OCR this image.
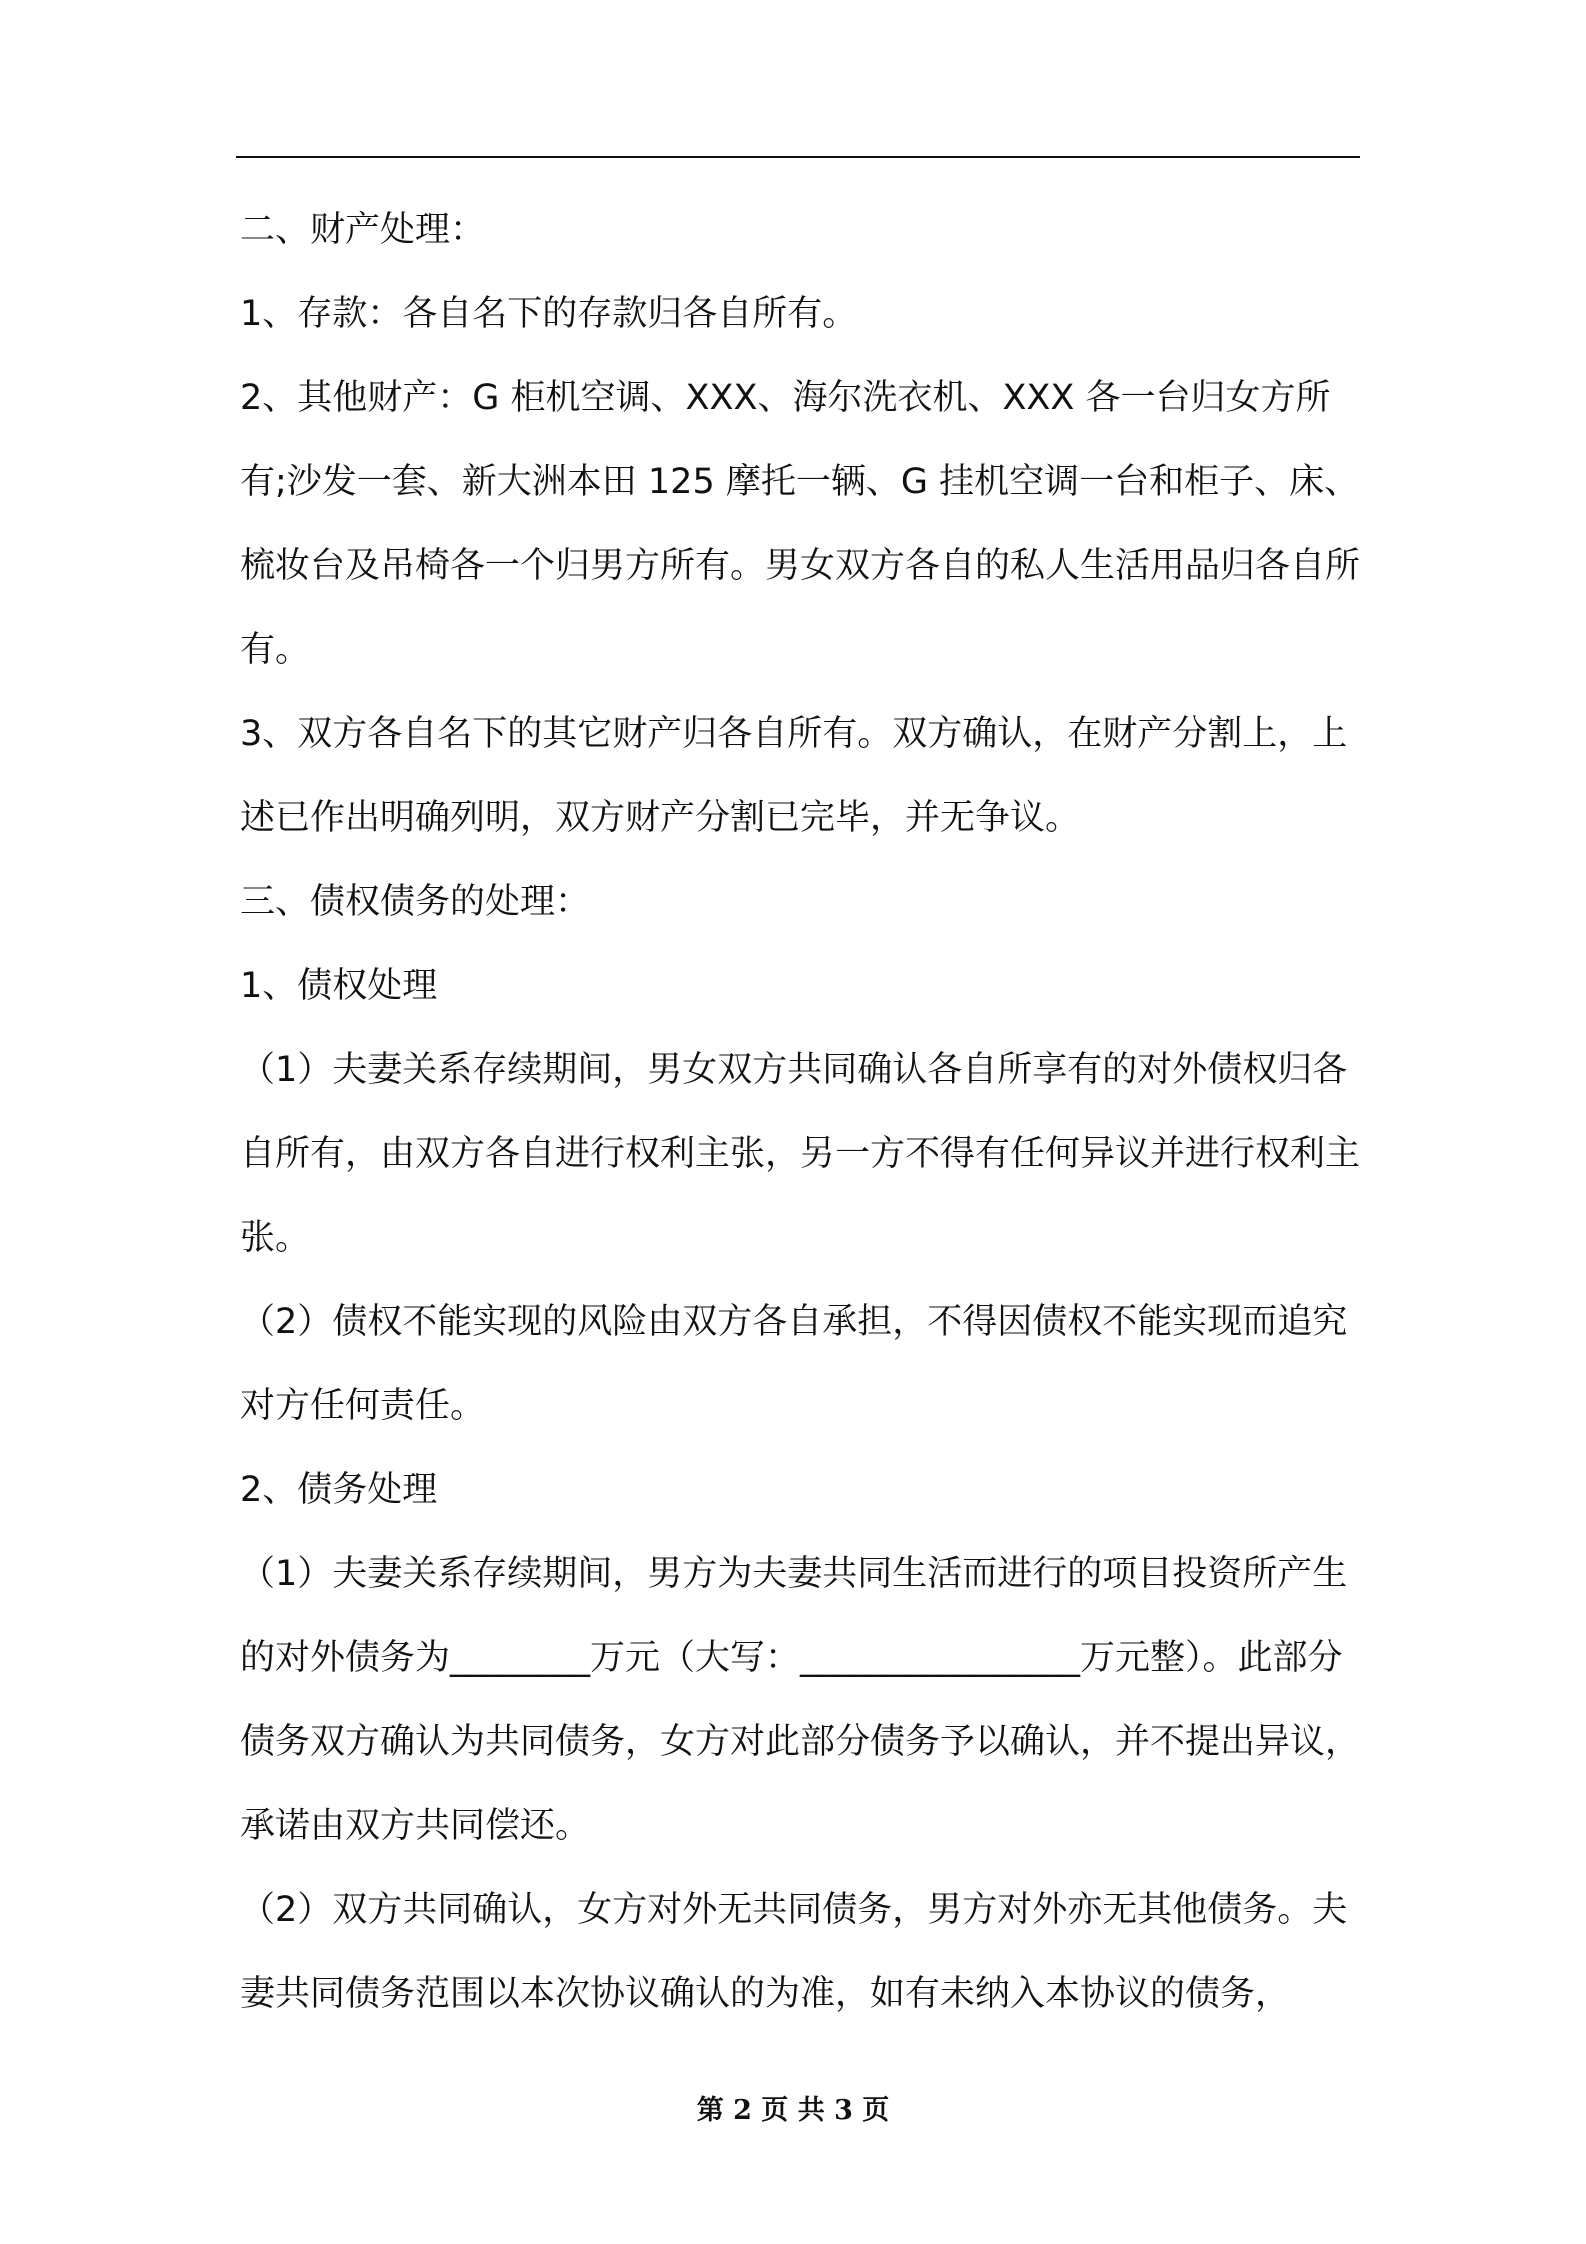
二、财产处理：

1、存款：各自名下的存款归各自所有。

2、其他财产：G 柜机空调、XXX、海尔洗衣机、XXX 各一台归女方所有;沙发一套、新大洲本田 125 摩托一辆、G 挂机空调一台和柜子、床、梳妆台及吊椅各一个归男方所有。男女双方各自的私人生活用品归各自所有。

3、双方各自名下的其它财产归各自所有。双方确认，在财产分割上，上述已作出明确列明，双方财产分割已完毕，并无争议。

三、债权债务的处理：

1、债权处理

（1）夫妻关系存续期间，男女双方共同确认各自所享有的对外债权归各自所有，由双方各自进行权利主张，另一方不得有任何异议并进行权利主张。

（2）债权不能实现的风险由双方各自承担，不得因债权不能实现而追究对方任何责任。

2、债务处理

（1）夫妻关系存续期间，男方为夫妻共同生活而进行的项目投资所产生的对外债务为________万元（大写：________________万元整）。此部分债务双方确认为共同债务，女方对此部分债务予以确认，并不提出异议，承诺由双方共同偿还。

（2）双方共同确认，女方对外无共同债务，男方对外亦无其他债务。夫妻共同债务范围以本次协议确认的为准，如有未纳入本协议的债务，

第 2 页 共 3 页
